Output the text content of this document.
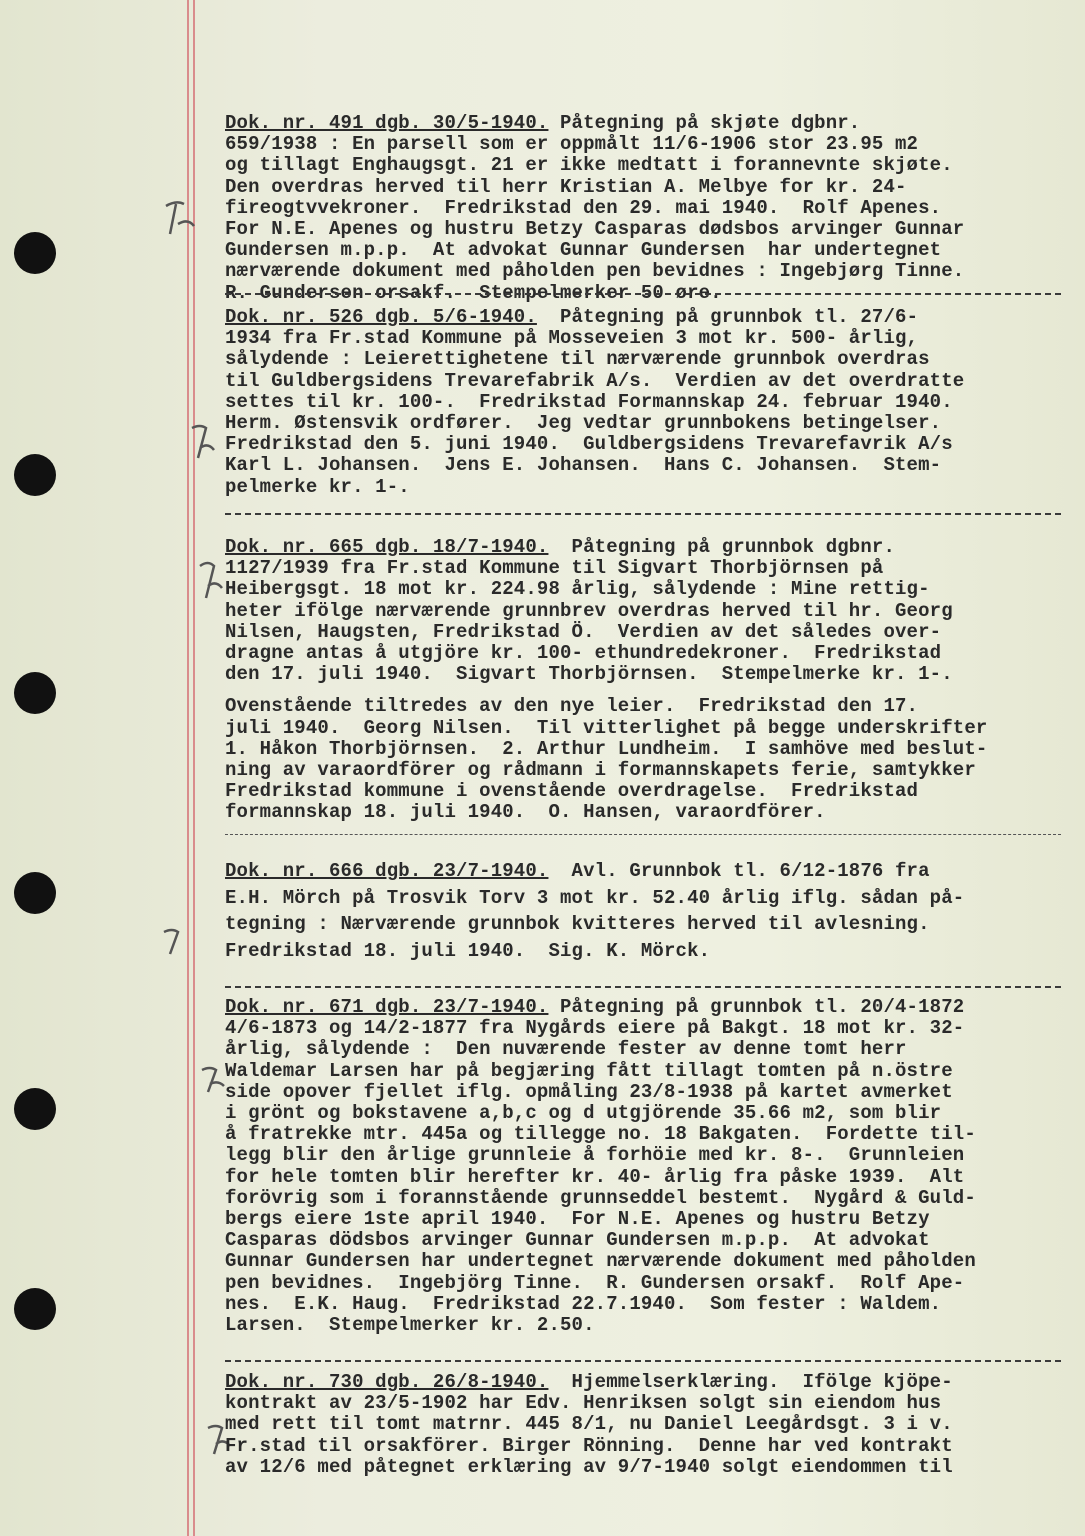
Dok. nr. 491 dgb. 30/5-1940. Påtegning på skjøte dgbnr.
659/1938 : En parsell som er oppmålt 11/6-1906 stor 23.95 m2
og tillagt Enghaugsgt. 21 er ikke medtatt i forannevnte skjøte.
Den overdras herved til herr Kristian A. Melbye for kr. 24-
fireogtvvekroner.  Fredrikstad den 29. mai 1940.  Rolf Apenes.
For N.E. Apenes og hustru Betzy Casparas dødsbos arvinger Gunnar
Gundersen m.p.p.  At advokat Gunnar Gundersen  har undertegnet
nærværende dokument med påholden pen bevidnes : Ingebjørg Tinne.
R. Gundersen orsakf.  Stempelmerker 50 øre.
Dok. nr. 526 dgb. 5/6-1940.  Påtegning på grunnbok tl. 27/6-
1934 fra Fr.stad Kommune på Mosseveien 3 mot kr. 500- årlig,
sålydende : Leierettighetene til nærværende grunnbok overdras
til Guldbergsidens Trevarefabrik A/s.  Verdien av det overdratte
settes til kr. 100-.  Fredrikstad Formannskap 24. februar 1940.
Herm. Østensvik ordfører.  Jeg vedtar grunnbokens betingelser.
Fredrikstad den 5. juni 1940.  Guldbergsidens Trevarefavrik A/s
Karl L. Johansen.  Jens E. Johansen.  Hans C. Johansen.  Stem-
pelmerke kr. 1-.
Dok. nr. 665 dgb. 18/7-1940.  Påtegning på grunnbok dgbnr.
1127/1939 fra Fr.stad Kommune til Sigvart Thorbjörnsen på
Heibergsgt. 18 mot kr. 224.98 årlig, sålydende : Mine rettig-
heter ifölge nærværende grunnbrev overdras herved til hr. Georg
Nilsen, Haugsten, Fredrikstad Ö.  Verdien av det således over-
dragne antas å utgjöre kr. 100- ethundredekroner.  Fredrikstad
den 17. juli 1940.  Sigvart Thorbjörnsen.  Stempelmerke kr. 1-.
Ovenstående tiltredes av den nye leier.  Fredrikstad den 17.
juli 1940.  Georg Nilsen.  Til vitterlighet på begge underskrifter
1. Håkon Thorbjörnsen.  2. Arthur Lundheim.  I samhöve med beslut-
ning av varaordförer og rådmann i formannskapets ferie, samtykker
Fredrikstad kommune i ovenstående overdragelse.  Fredrikstad
formannskap 18. juli 1940.  O. Hansen, varaordförer.
Dok. nr. 666 dgb. 23/7-1940.  Avl. Grunnbok tl. 6/12-1876 fra
E.H. Mörch på Trosvik Torv 3 mot kr. 52.40 årlig iflg. sådan på-
tegning : Nærværende grunnbok kvitteres herved til avlesning.
Fredrikstad 18. juli 1940.  Sig. K. Mörck.
Dok. nr. 671 dgb. 23/7-1940. Påtegning på grunnbok tl. 20/4-1872
4/6-1873 og 14/2-1877 fra Nygårds eiere på Bakgt. 18 mot kr. 32-
årlig, sålydende :  Den nuværende fester av denne tomt herr
Waldemar Larsen har på begjæring fått tillagt tomten på n.östre
side opover fjellet iflg. opmåling 23/8-1938 på kartet avmerket
i grönt og bokstavene a,b,c og d utgjörende 35.66 m2, som blir
å fratrekke mtr. 445a og tillegge no. 18 Bakgaten.  Fordette til-
legg blir den årlige grunnleie å forhöie med kr. 8-.  Grunnleien
for hele tomten blir herefter kr. 40- årlig fra påske 1939.  Alt
forövrig som i forannstående grunnseddel bestemt.  Nygård & Guld-
bergs eiere 1ste april 1940.  For N.E. Apenes og hustru Betzy
Casparas dödsbos arvinger Gunnar Gundersen m.p.p.  At advokat
Gunnar Gundersen har undertegnet nærværende dokument med påholden
pen bevidnes.  Ingebjörg Tinne.  R. Gundersen orsakf.  Rolf Ape-
nes.  E.K. Haug.  Fredrikstad 22.7.1940.  Som fester : Waldem.
Larsen.  Stempelmerker kr. 2.50.
Dok. nr. 730 dgb. 26/8-1940.  Hjemmelserklæring.  Ifölge kjöpe-
kontrakt av 23/5-1902 har Edv. Henriksen solgt sin eiendom hus
med rett til tomt matrnr. 445 8/1, nu Daniel Leegårdsgt. 3 i v.
Fr.stad til orsakförer. Birger Rönning.  Denne har ved kontrakt
av 12/6 med påtegnet erklæring av 9/7-1940 solgt eiendommen til
